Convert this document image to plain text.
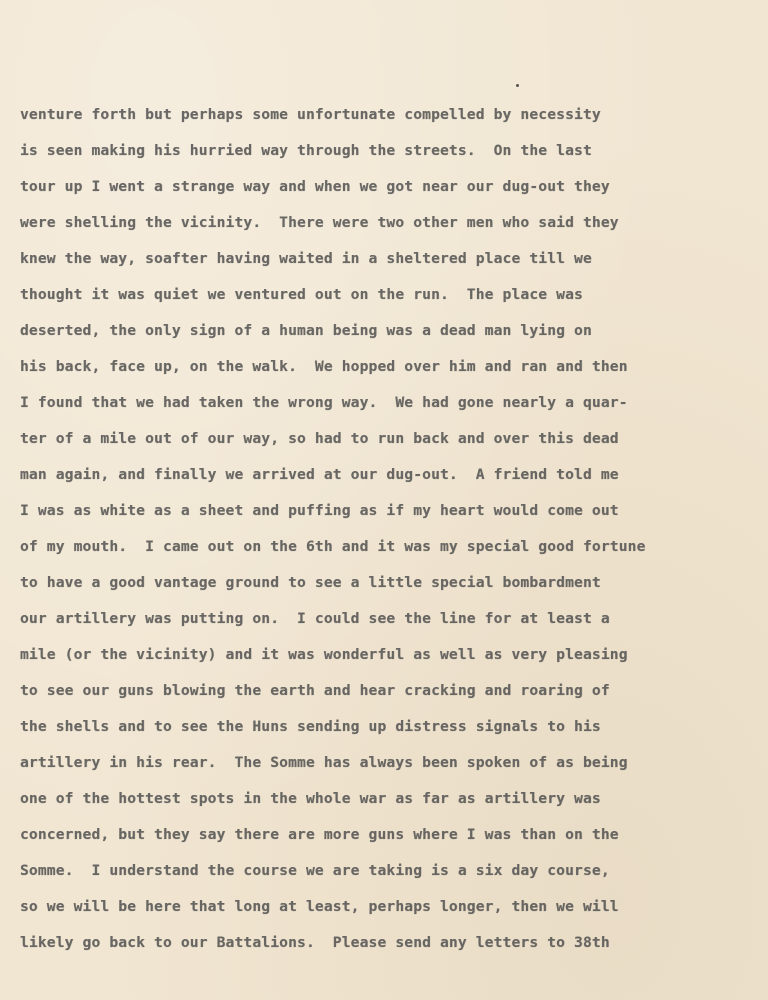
venture forth but perhaps some unfortunate compelled by necessity
is seen making his hurried way through the streets.  On the last
tour up I went a strange way and when we got near our dug-out they
were shelling the vicinity.  There were two other men who said they
knew the way, soafter having waited in a sheltered place till we
thought it was quiet we ventured out on the run.  The place was
deserted, the only sign of a human being was a dead man lying on
his back, face up, on the walk.  We hopped over him and ran and then
I found that we had taken the wrong way.  We had gone nearly a quar-
ter of a mile out of our way, so had to run back and over this dead
man again, and finally we arrived at our dug-out.  A friend told me
I was as white as a sheet and puffing as if my heart would come out
of my mouth.  I came out on the 6th and it was my special good fortune
to have a good vantage ground to see a little special bombardment
our artillery was putting on.  I could see the line for at least a
mile (or the vicinity) and it was wonderful as well as very pleasing
to see our guns blowing the earth and hear cracking and roaring of
the shells and to see the Huns sending up distress signals to his
artillery in his rear.  The Somme has always been spoken of as being
one of the hottest spots in the whole war as far as artillery was
concerned, but they say there are more guns where I was than on the
Somme.  I understand the course we are taking is a six day course,
so we will be here that long at least, perhaps longer, then we will
likely go back to our Battalions.  Please send any letters to 38th
